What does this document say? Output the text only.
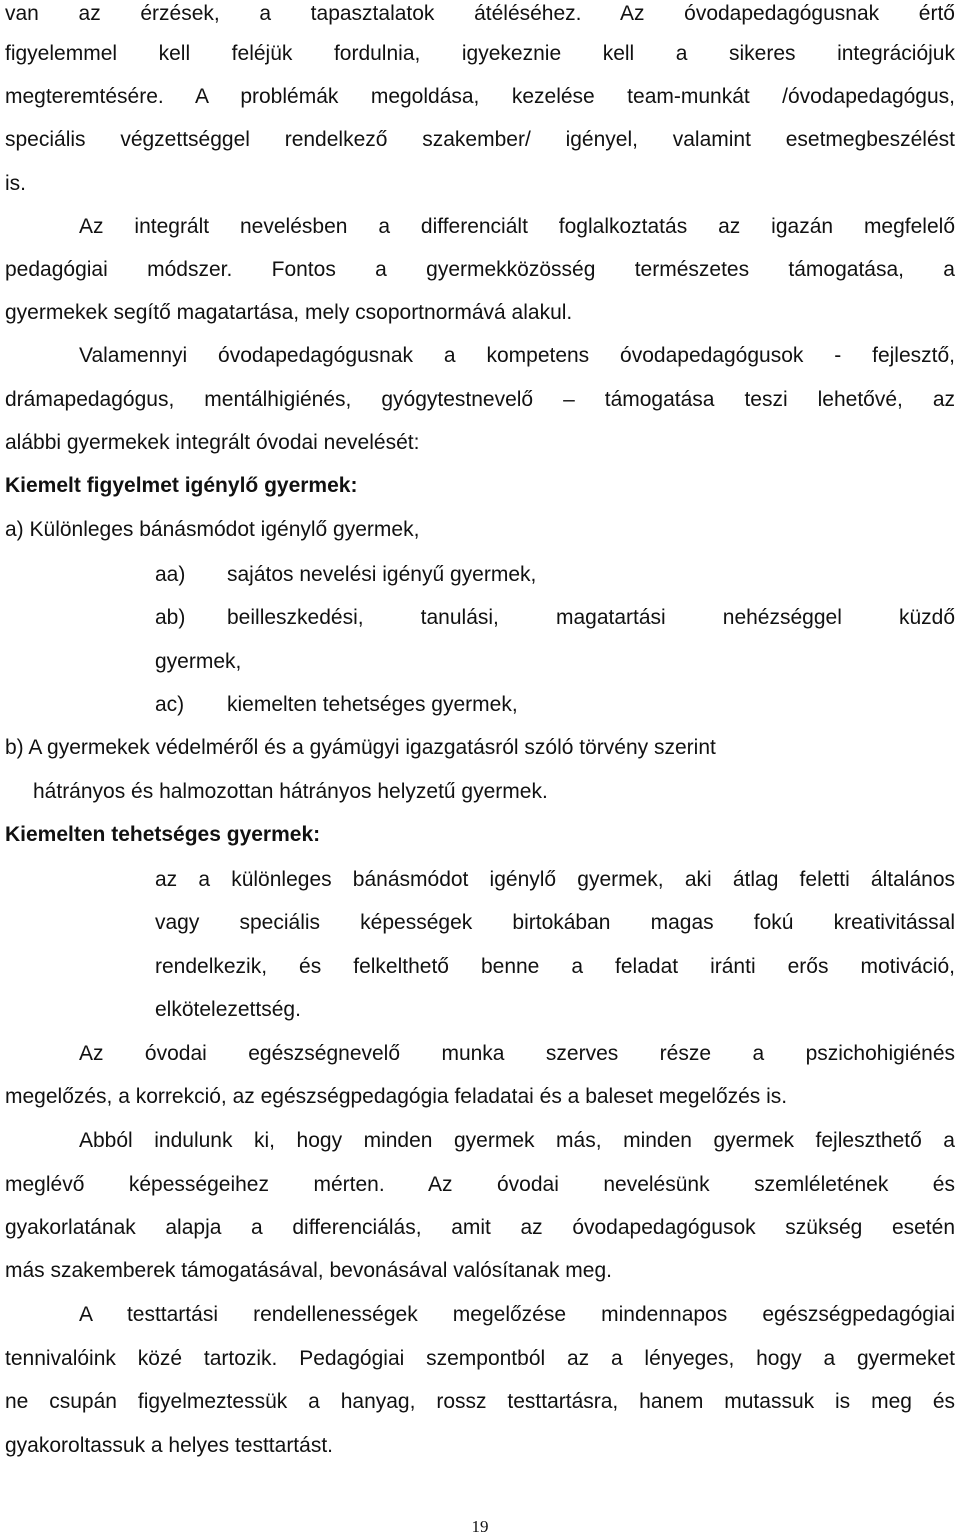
van az érzések, a tapasztalatok átéléséhez. Az óvodapedagógusnak értő
figyelemmel kell feléjük fordulnia, igyekeznie kell a sikeres integrációjuk
megteremtésére. A problémák megoldása, kezelése team-munkát /óvodapedagógus,
speciális végzettséggel rendelkező szakember/ igényel, valamint esetmegbeszélést
is.
Az integrált nevelésben a differenciált foglalkoztatás az igazán megfelelő
pedagógiai módszer. Fontos a gyermekközösség természetes támogatása, a
gyermekek segítő magatartása, mely csoportnormává alakul.
Valamennyi óvodapedagógusnak a kompetens óvodapedagógusok - fejlesztő,
drámapedagógus, mentálhigiénés, gyógytestnevelő – támogatása teszi lehetővé, az
alábbi gyermekek integrált óvodai nevelését:
Kiemelt figyelmet igénylő gyermek:
a) Különleges bánásmódot igénylő gyermek,
aa) sajátos nevelési igényű gyermek,
ab) beilleszkedési, tanulási, magatartási nehézséggel küzdő
gyermek,
ac) kiemelten tehetséges gyermek,
b) A gyermekek védelméről és a gyámügyi igazgatásról szóló törvény szerint
hátrányos és halmozottan hátrányos helyzetű gyermek.
Kiemelten tehetséges gyermek:
az a különleges bánásmódot igénylő gyermek, aki átlag feletti általános
vagy speciális képességek birtokában magas fokú kreativitással
rendelkezik, és felkelthető benne a feladat iránti erős motiváció,
elkötelezettség.
Az óvodai egészségnevelő munka szerves része a pszichohigiénés
megelőzés, a korrekció, az egészségpedagógia feladatai és a baleset megelőzés is.
Abból indulunk ki, hogy minden gyermek más, minden gyermek fejleszthető a
meglévő képességeihez mérten. Az óvodai nevelésünk szemléletének és
gyakorlatának alapja a differenciálás, amit az óvodapedagógusok szükség esetén
más szakemberek támogatásával, bevonásával valósítanak meg.
A testtartási rendellenességek megelőzése mindennapos egészségpedagógiai
tennivalóink közé tartozik. Pedagógiai szempontból az a lényeges, hogy a gyermeket
ne csupán figyelmeztessük a hanyag, rossz testtartásra, hanem mutassuk is meg és
gyakoroltassuk a helyes testtartást.
19
